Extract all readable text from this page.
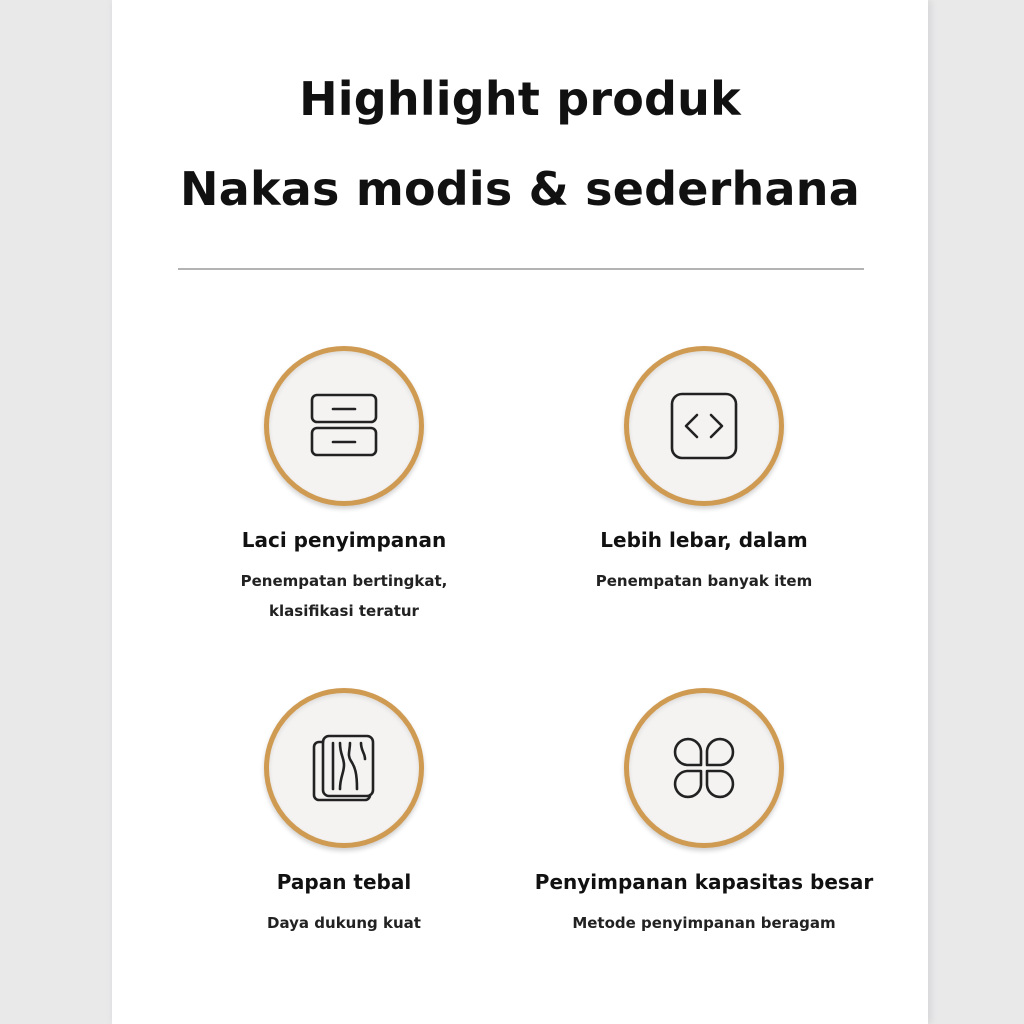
Highlight produk
Nakas modis & sederhana
Laci penyimpanan
Penempatan bertingkat,
klasifikasi teratur
Lebih lebar, dalam
Penempatan banyak item
Papan tebal
Daya dukung kuat
Penyimpanan kapasitas besar
Metode penyimpanan beragam
